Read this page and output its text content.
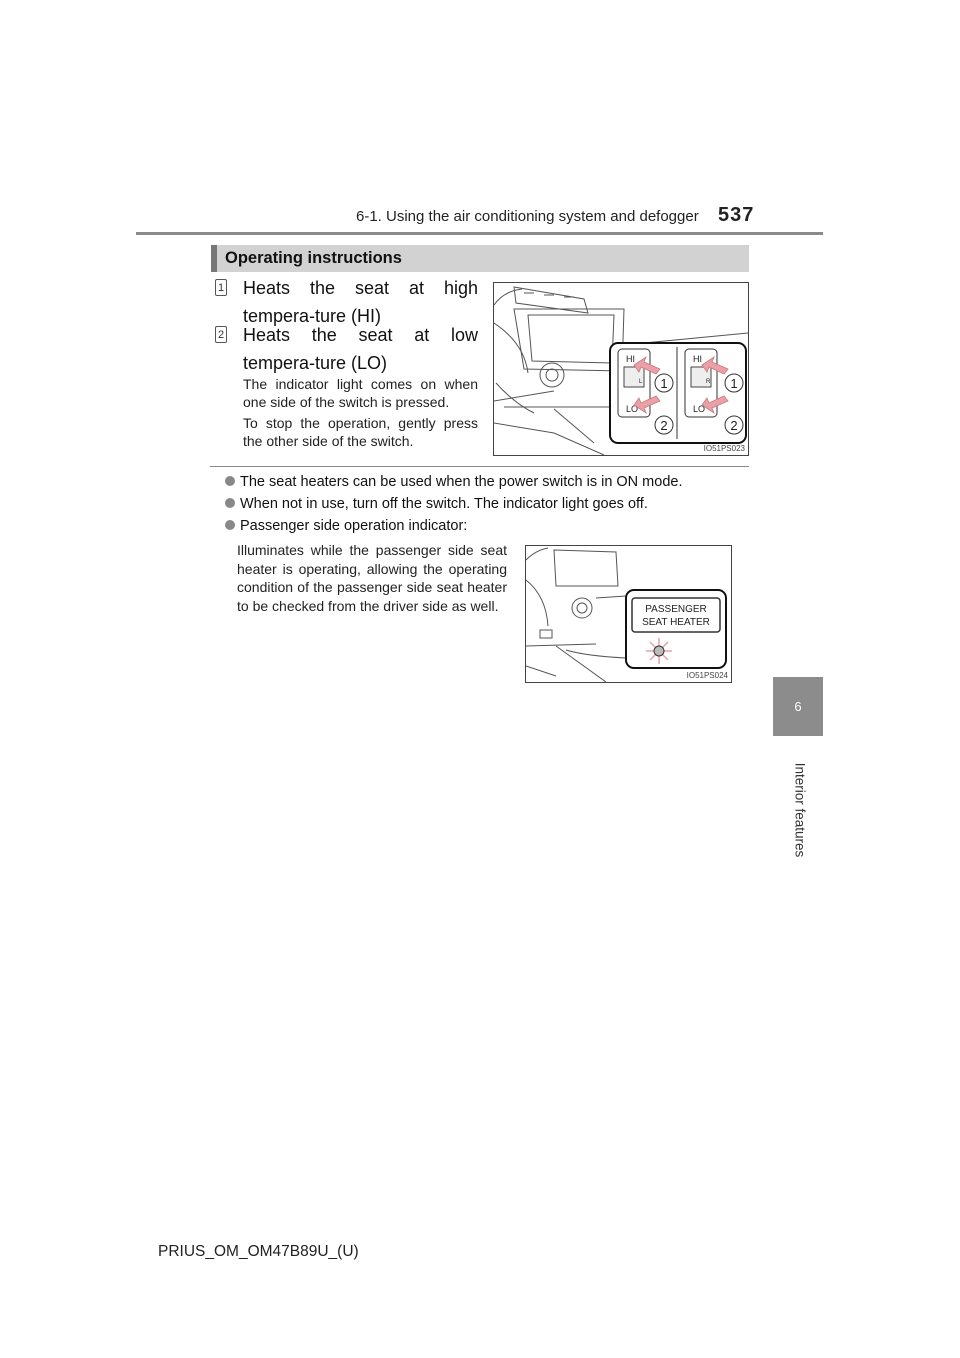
6-1. Using the air conditioning system and defogger 537
6
Interior features
Operating instructions
1 Heats the seat at high tempera-ture (HI)
2 Heats the seat at low tempera-ture (LO)
The indicator light comes on when one side of the switch is pressed.
To stop the operation, gently press the other side of the switch.
HI
L
LO
HI
R
LO
1
2
1
2
IO51PS023
The seat heaters can be used when the power switch is in ON mode.
When not in use, turn off the switch. The indicator light goes off.
Passenger side operation indicator:
Illuminates while the passenger side seat heater is operating, allowing the operating condition of the passenger side seat heater to be checked from the driver side as well.	PASSENGER
SEAT HEATER
IO51PS024
PRIUS_OM_OM47B89U_(U)
